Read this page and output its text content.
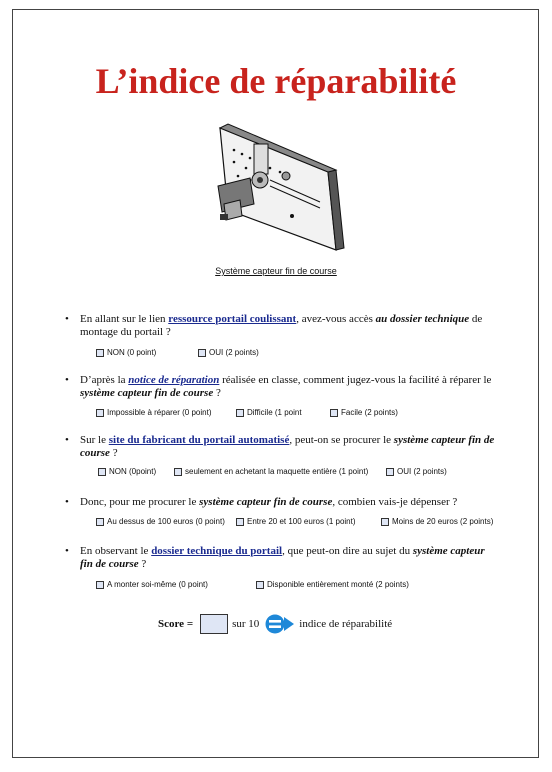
L’indice de réparabilité
Système capteur fin de course
• En allant sur le lien ressource portail coulissant, avez-vous accès au dossier technique de montage du portail ?
NON (0 point)	OUI (2 points)
• D’après la notice de réparation réalisée en classe, comment jugez-vous la facilité à réparer le système capteur fin de course ?
Impossible à réparer (0 point)	Difficile (1 point	Facile (2 points)
• Sur le site du fabricant du portail automatisé, peut-on se procurer le système capteur fin de course ?
NON (0point)	seulement en achetant la maquette entière (1 point)	OUI (2 points)
• Donc, pour me procurer le système capteur fin de course, combien vais-je dépenser ?
Au dessus de 100 euros (0 point)	Entre 20 et 100 euros (1 point)	Moins de 20 euros (2 points)
• En observant le dossier technique du portail, que peut-on dire au sujet du système capteur fin de course ?
A monter soi-même (0 point)	Disponible entièrement monté (2 points)
Score =	sur 10	indice de réparabilité
